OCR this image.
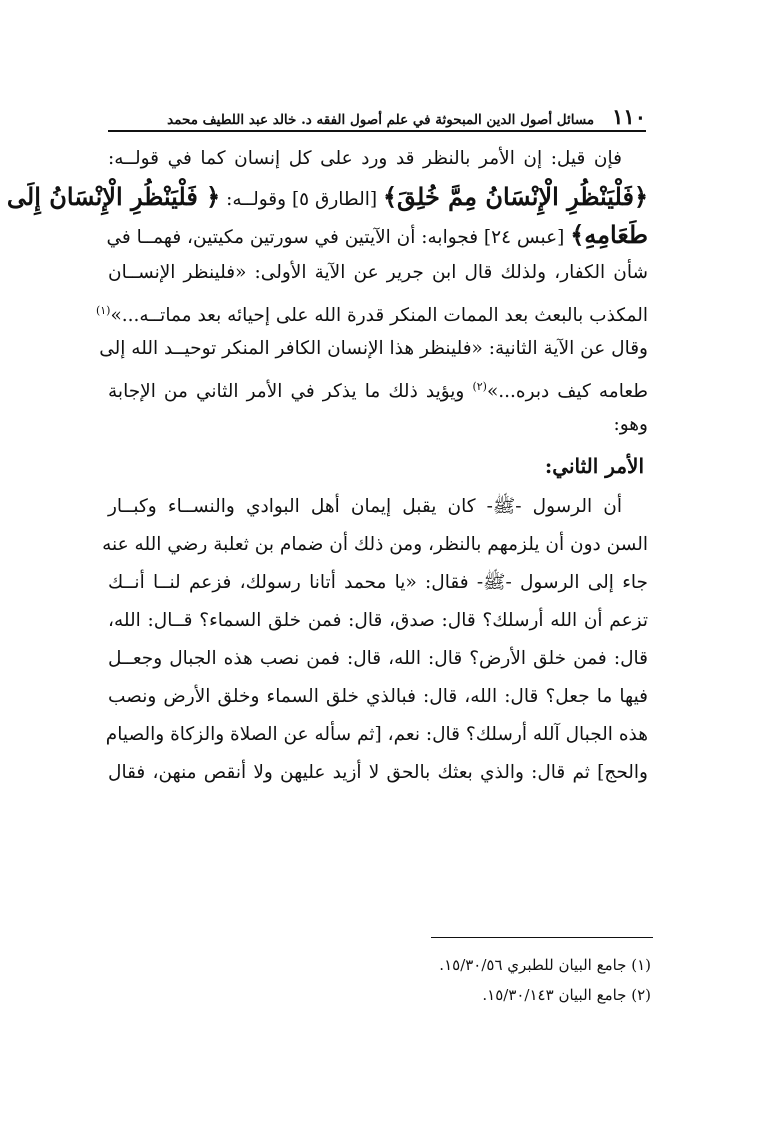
١١٠
مسائل أصول الدين المبحوثة في علم أصول الفقه د. خالد عبد اللطيف محمد
فإن قيل: إن الأمر بالنظر قد ورد على كل إنسان كما في قولــه:
﴿فَلْيَنْظُرِ الْإِنْسَانُ مِمَّ خُلِقَ﴾ [الطارق ٥] وقولــه: ﴿ فَلْيَنْظُرِ الْإِنْسَانُ إِلَى
طَعَامِهِ﴾ [عبس ٢٤] فجوابه: أن الآيتين في سورتين مكيتين، فهمــا في
شأن الكفار، ولذلك قال ابن جرير عن الآية الأولى: «فلينظر الإنســان
المكذب بالبعث بعد الممات المنكر قدرة الله على إحيائه بعد مماتــه...»$^{(١)}$
وقال عن الآية الثانية: «فلينظر هذا الإنسان الكافر المنكر توحيــد الله إلى
طعامه كيف دبره...»$^{(٢)}$ ويؤيد ذلك ما يذكر في الأمر الثاني من الإجابة
وهو:
الأمر الثاني:
أن الرسول -ﷺ- كان يقبل إيمان أهل البوادي والنســاء وكبــار
السن دون أن يلزمهم بالنظر، ومن ذلك أن ضمام بن ثعلبة رضي الله عنه
جاء إلى الرسول -ﷺ- فقال: «يا محمد أتانا رسولك، فزعم لنــا أنــك
تزعم أن الله أرسلك؟ قال: صدق، قال: فمن خلق السماء؟ قــال: الله،
قال: فمن خلق الأرض؟ قال: الله، قال: فمن نصب هذه الجبال وجعــل
فيها ما جعل؟ قال: الله، قال: فبالذي خلق السماء وخلق الأرض ونصب
هذه الجبال آلله أرسلك؟ قال: نعم، [ثم سأله عن الصلاة والزكاة والصيام
والحج] ثم قال: والذي بعثك بالحق لا أزيد عليهن ولا أنقص منهن، فقال
(١) جامع البيان للطبري ١٥/٣٠/٥٦.
(٢) جامع البيان ١٥/٣٠/١٤٣.
